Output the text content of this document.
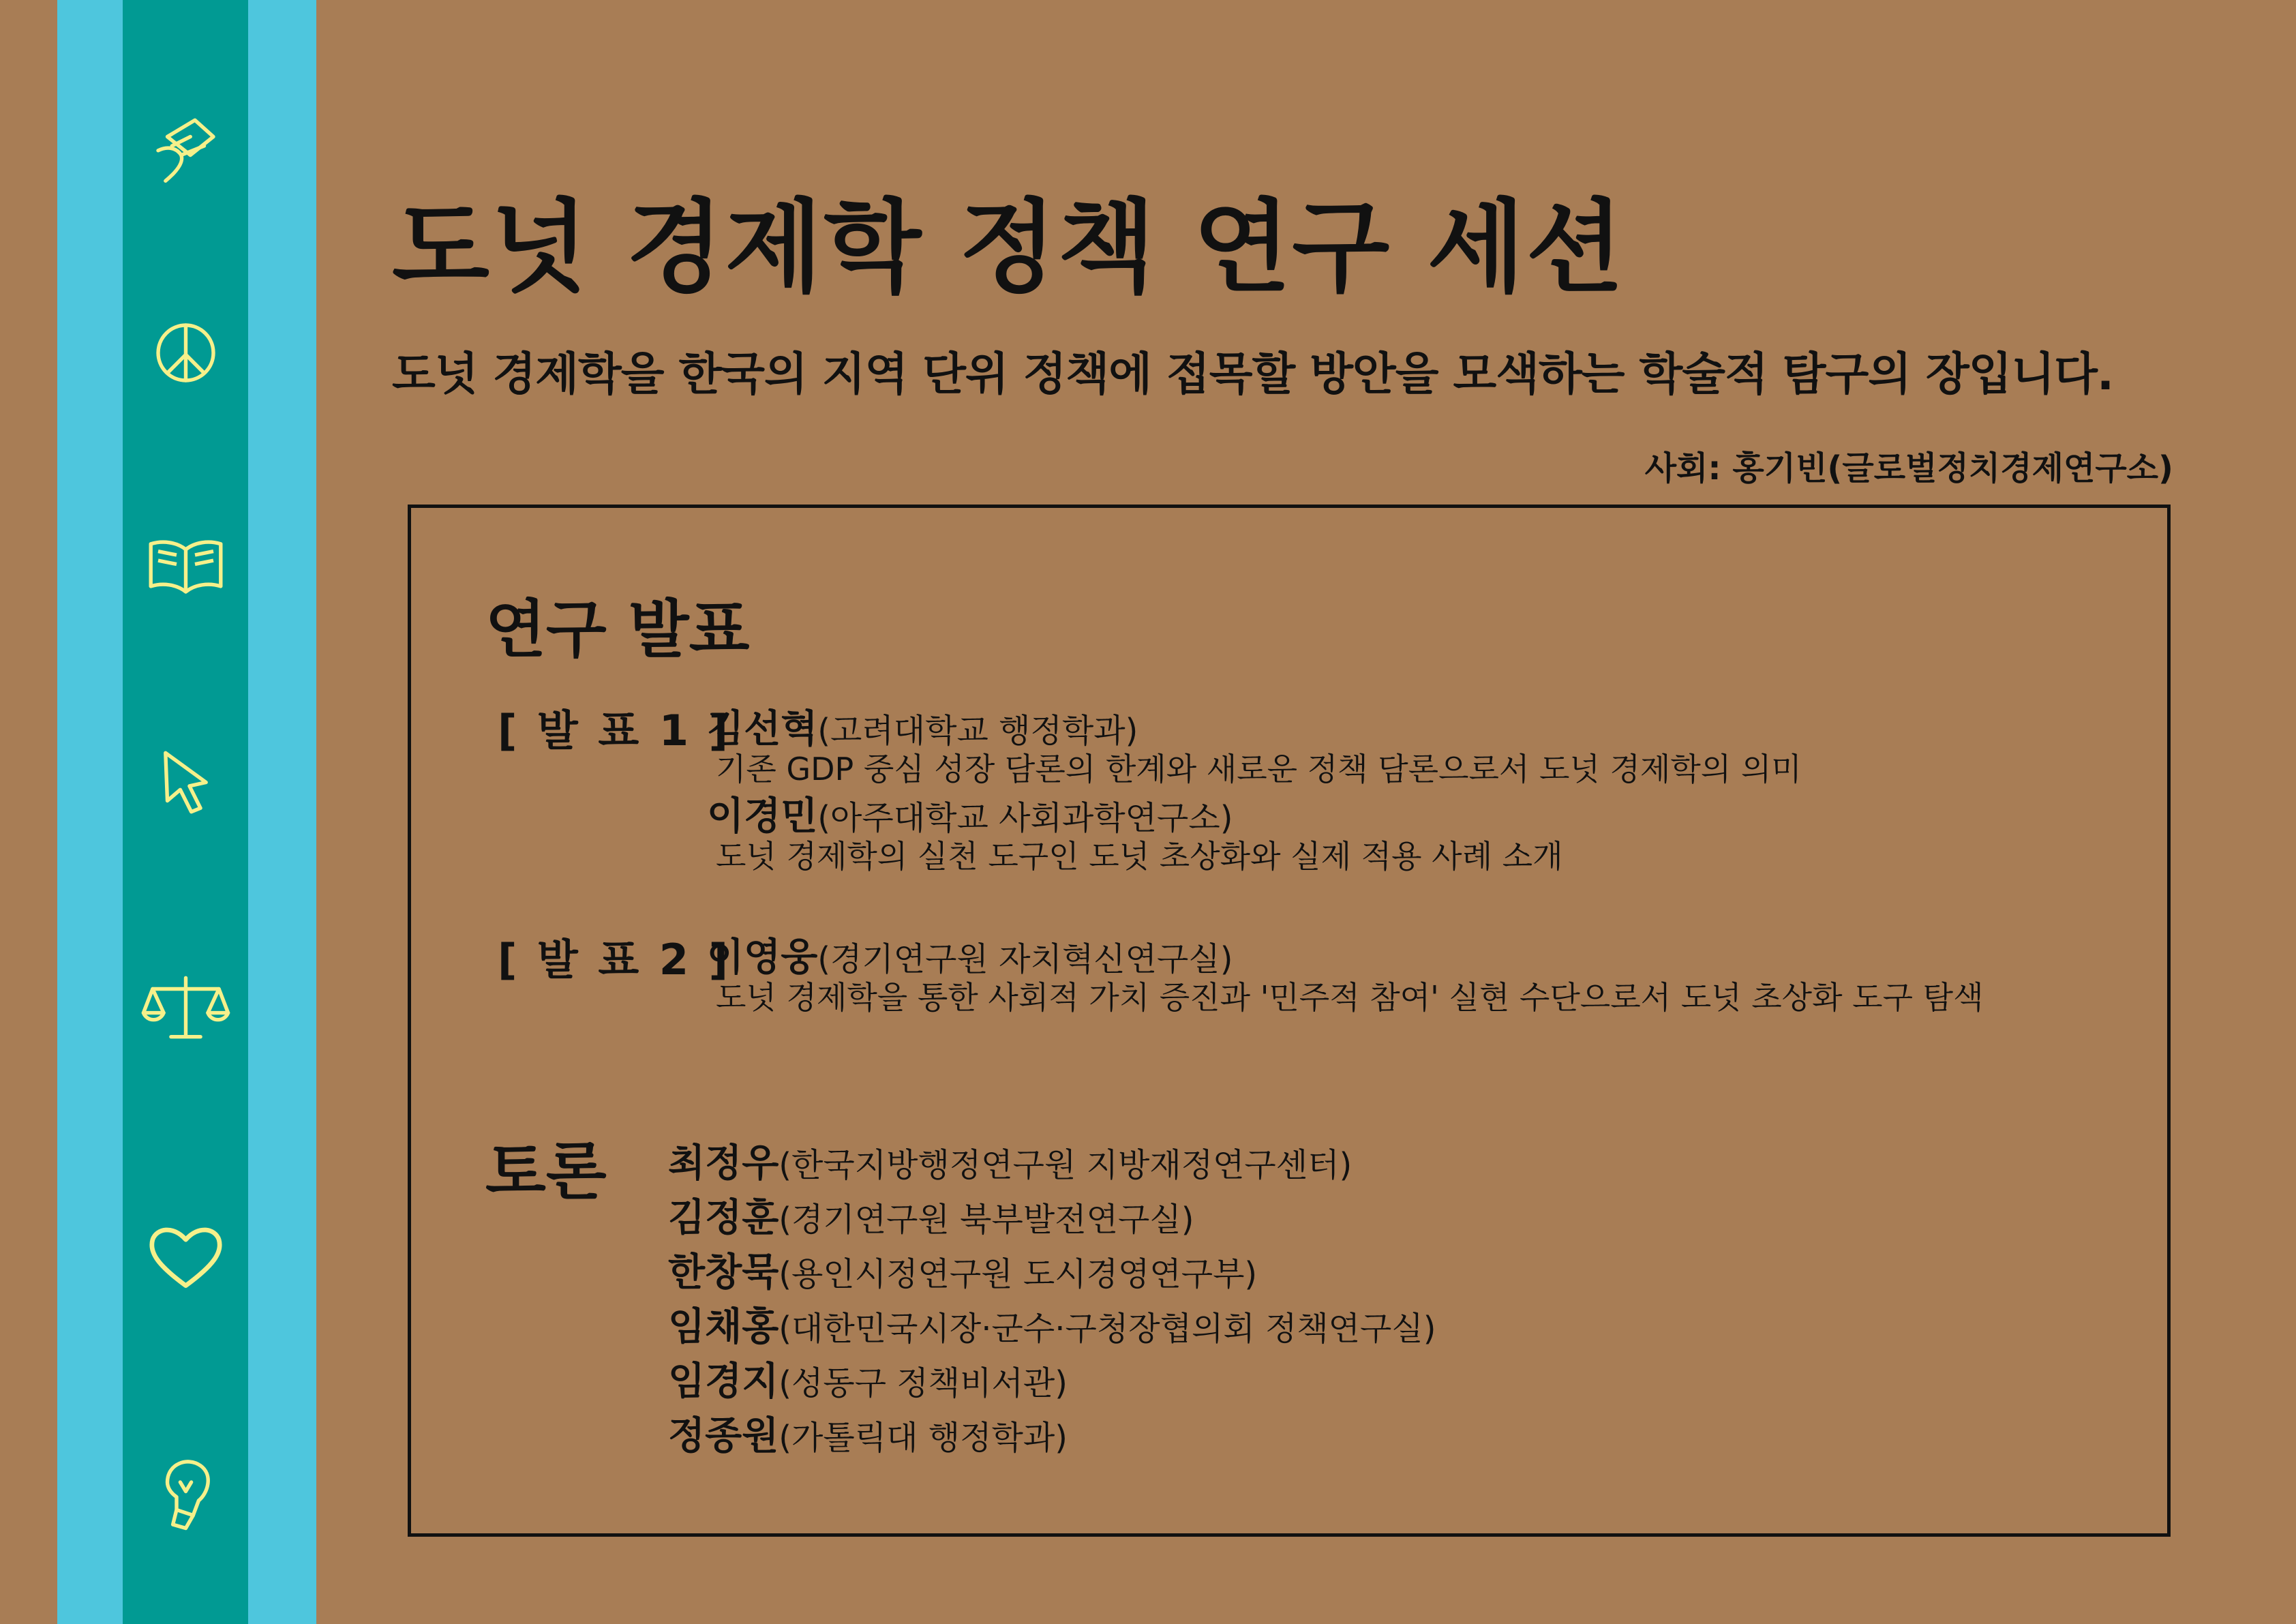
도넛 경제학 정책 연구 세션
도넛 경제학을 한국의 지역 단위 정책에 접목할 방안을 모색하는 학술적 탐구의 장입니다.
사회: 홍기빈(글로벌정치경제연구소)
연구 발표
[ 발 표 1 ]
김선혁(고려대학교 행정학과)
기존 GDP 중심 성장 담론의 한계와 새로운 정책 담론으로서 도넛 경제학의 의미
이경민(아주대학교 사회과학연구소)
도넛 경제학의 실천 도구인 도넛 초상화와 실제 적용 사례 소개
[ 발 표 2 ]
이영웅(경기연구원 자치혁신연구실)
도넛 경제학을 통한 사회적 가치 증진과 '민주적 참여' 실현 수단으로서 도넛 초상화 도구 탐색
토론 최정우(한국지방행정연구원 지방재정연구센터)
김정훈(경기연구원 북부발전연구실)
한창묵(용인시정연구원 도시경영연구부)
임채홍(대한민국시장·군수·구청장협의회 정책연구실)
임경지(성동구 정책비서관)
정종원(가톨릭대 행정학과)
